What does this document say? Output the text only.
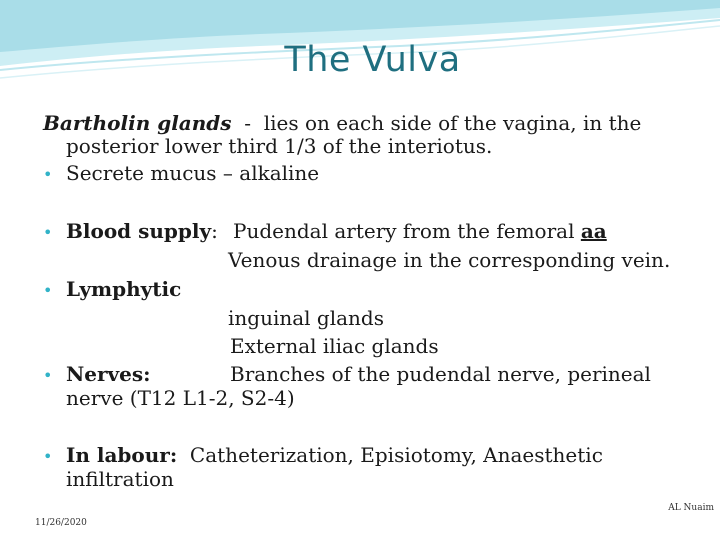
The Vulva
Bartholin glands  -  lies on each side of the vagina, in the
posterior lower third 1/3 of the interiotus.
• Secrete mucus – alkaline
• Blood supply: Pudendal artery from the femoral aa
Venous drainage in the corresponding vein.
• Lymphytic
inguinal glands
External iliac glands
• Nerves:	Branches of the pudendal nerve, perineal
nerve (T12 L1-2, S2-4)
• In labour: Catheterization, Episiotomy, Anaesthetic
infiltration
AL Nuaim
11/26/2020
